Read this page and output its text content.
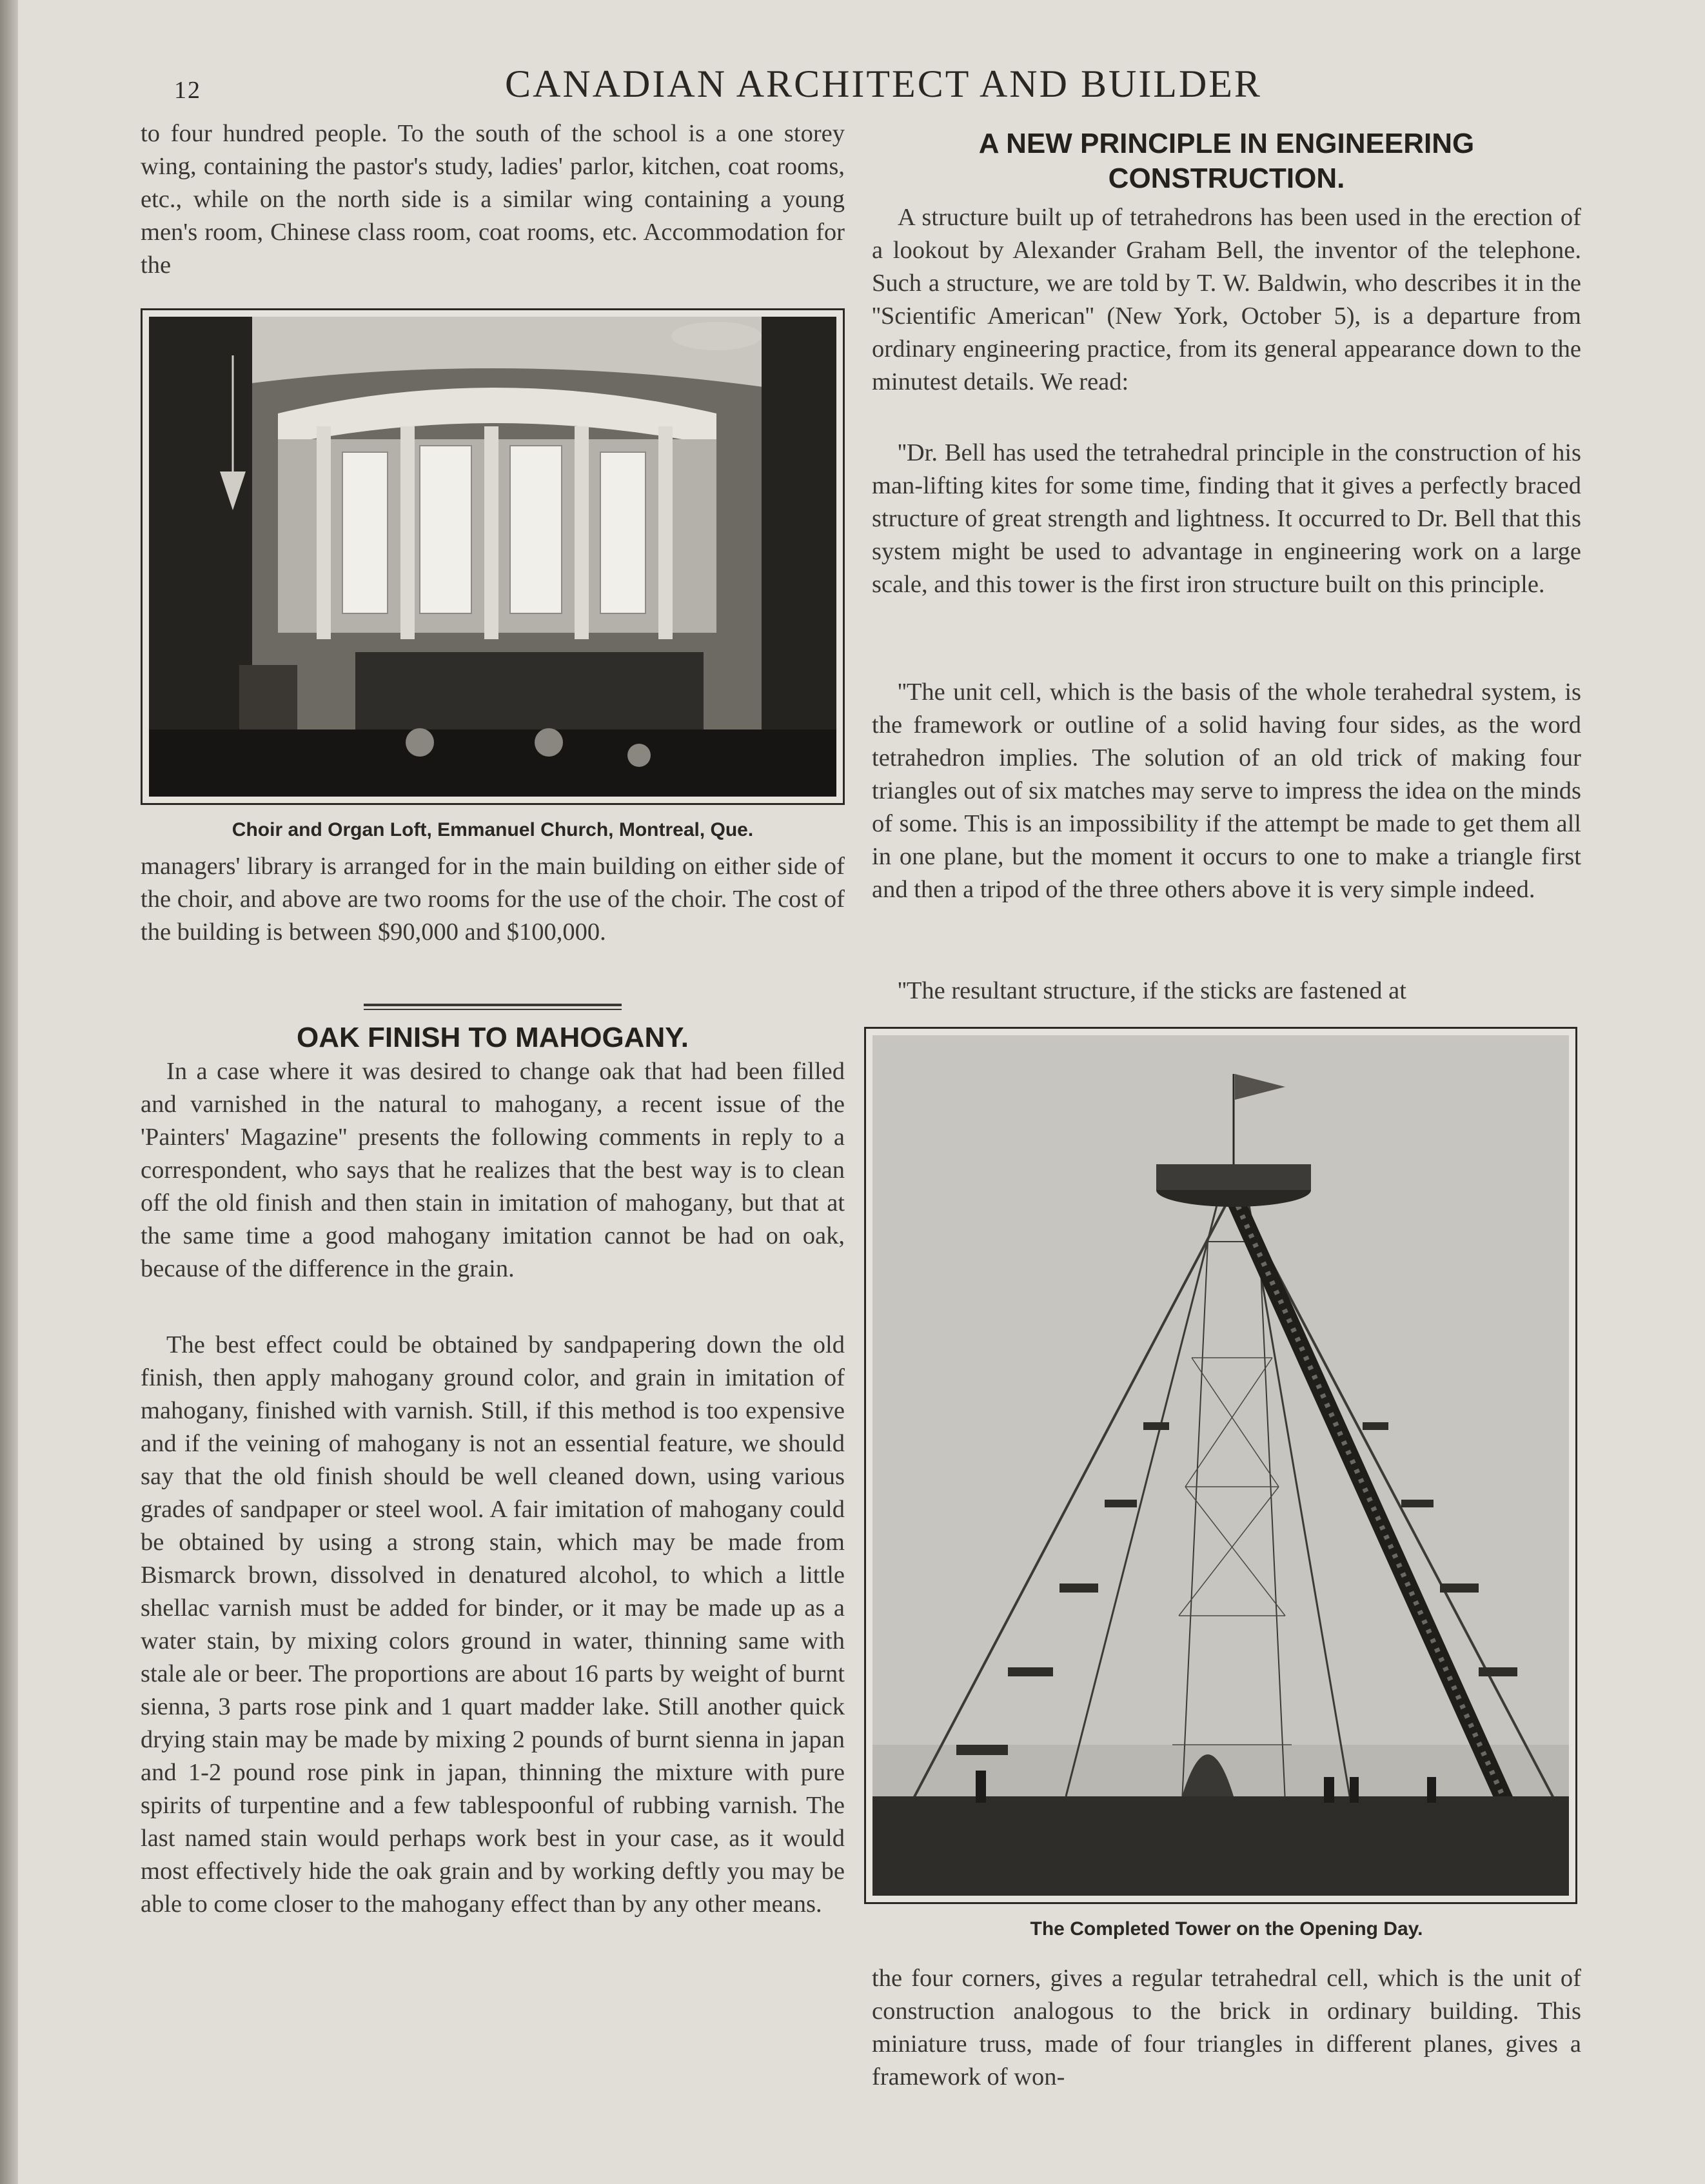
12	CANADIAN ARCHITECT AND BUILDER

to four hundred people. To the south of the school is a one storey wing, containing the pastor's study, ladies' parlor, kitchen, coat rooms, etc., while on the north side is a similar wing containing a young men's room, Chinese class room, coat rooms, etc. Accommodation for the

Choir and Organ Loft, Emmanuel Church, Montreal, Que.

managers' library is arranged for in the main building on either side of the choir, and above are two rooms for the use of the choir. The cost of the building is between $90,000 and $100,000.

OAK FINISH TO MAHOGANY.

In a case where it was desired to change oak that had been filled and varnished in the natural to mahogany, a recent issue of the 'Painters' Magazine'' presents the following comments in reply to a correspondent, who says that he realizes that the best way is to clean off the old finish and then stain in imitation of mahogany, but that at the same time a good mahogany imitation cannot be had on oak, because of the difference in the grain.

The best effect could be obtained by sandpapering down the old finish, then apply mahogany ground color, and grain in imitation of mahogany, finished with varnish. Still, if this method is too expensive and if the veining of mahogany is not an essential feature, we should say that the old finish should be well cleaned down, using various grades of sandpaper or steel wool. A fair imitation of mahogany could be obtained by using a strong stain, which may be made from Bismarck brown, dissolved in denatured alcohol, to which a little shellac varnish must be added for binder, or it may be made up as a water stain, by mixing colors ground in water, thinning same with stale ale or beer. The proportions are about 16 parts by weight of burnt sienna, 3 parts rose pink and 1 quart madder lake. Still another quick drying stain may be made by mixing 2 pounds of burnt sienna in japan and 1-2 pound rose pink in japan, thinning the mixture with pure spirits of turpentine and a few tablespoonful of rubbing varnish. The last named stain would perhaps work best in your case, as it would most effectively hide the oak grain and by working deftly you may be able to come closer to the mahogany effect than by any other means.

A NEW PRINCIPLE IN ENGINEERING
CONSTRUCTION.

A structure built up of tetrahedrons has been used in the erection of a lookout by Alexander Graham Bell, the inventor of the telephone. Such a structure, we are told by T. W. Baldwin, who describes it in the ''Scientific American'' (New York, October 5), is a departure from ordinary engineering practice, from its general appearance down to the minutest details. We read:

''Dr. Bell has used the tetrahedral principle in the construction of his man-lifting kites for some time, finding that it gives a perfectly braced structure of great strength and lightness. It occurred to Dr. Bell that this system might be used to advantage in engineering work on a large scale, and this tower is the first iron structure built on this principle.

''The unit cell, which is the basis of the whole terahedral system, is the framework or outline of a solid having four sides, as the word tetrahedron implies. The solution of an old trick of making four triangles out of six matches may serve to impress the idea on the minds of some. This is an impossibility if the attempt be made to get them all in one plane, but the moment it occurs to one to make a triangle first and then a tripod of the three others above it is very simple indeed.

''The resultant structure, if the sticks are fastened at

The Completed Tower on the Opening Day.

the four corners, gives a regular tetrahedral cell, which is the unit of construction analogous to the brick in ordinary building. This miniature truss, made of four triangles in different planes, gives a framework of won-
